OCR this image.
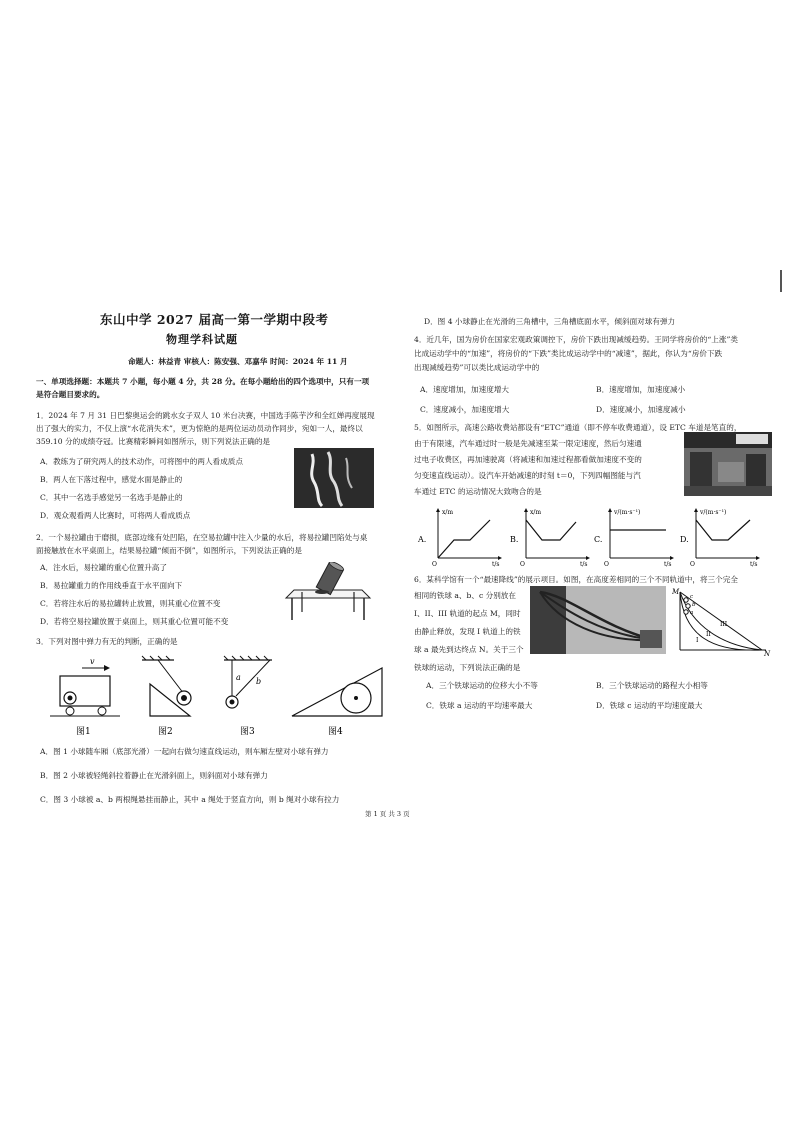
东山中学 2027 届高一第一学期中段考
物理学科试题
命题人：林益青 审核人：陈安强、邓嘉华 时间：2024 年 11 月
一、单项选择题：本题共 7 小题，每小题 4 分，共 28 分。在每小题给出的四个选项中，只有一项
是符合题目要求的。
1．2024 年 7 月 31 日巴黎奥运会的跳水女子双人 10 米台决赛，中国选手陈芋汐和全红婵再度展现
出了强大的实力，不仅上演“水花消失术”，更为惊艳的是两位运动员动作同步，宛如一人，最终以
359.10 分的成绩夺冠。比赛精彩瞬间如图所示，则下列说法正确的是
A．教练为了研究两人的技术动作，可将图中的两人看成质点
B．两人在下落过程中，感觉水面是静止的
C．其中一名选手感觉另一名选手是静止的
D．观众观看两人比赛时，可将两人看成质点
2．一个易拉罐由于磨损，底部边缘有处凹陷，在空易拉罐中注入少量的水后，将易拉罐凹陷处与桌
面接触放在水平桌面上，结果易拉罐“倾而不倒”，如图所示，下列说法正确的是
A．注水后，易拉罐的重心位置升高了
B．易拉罐重力的作用线垂直于水平面向下
C．若将注水后的易拉罐转止放置，则其重心位置不变
D．若将空易拉罐放置于桌面上，则其重心位置可能不变
3．下列对图中弹力有无的判断，正确的是
v
a b
图1	图2	图3	图4
A．图 1 小球随车厢（底部光滑）一起向右做匀速直线运动，则车厢左壁对小球有弹力
B．图 2 小球被轻绳斜拉着静止在光滑斜面上，则斜面对小球有弹力
C．图 3 小球被 a、b 两根绳悬挂而静止，其中 a 绳处于竖直方向，则 b 绳对小球有拉力
D．图 4 小球静止在光滑的三角槽中，三角槽底面水平，倾斜面对球有弹力
4．近几年，国为房价在国家宏观政策调控下，房价下跌出现减缓趋势。王同学将房价的“上涨”类
比成运动学中的“加速”，将房价的“下跌”类比成运动学中的“减速”，据此，你认为“房价下跌
出现减缓趋势”可以类比成运动学中的
A．速度增加，加速度增大	B．速度增加，加速度减小
C．速度减小，加速度增大	D．速度减小，加速度减小
5．如图所示，高速公路收费站都设有“ETC”通道（即不停车收费通道），设 ETC 车道是笔直的，
由于有限速，汽车通过时一般是先减速至某一限定速度，然后匀速通
过电子收费区，再加速驶离（将减速和加速过程都看做加速度不变的
匀变速直线运动）。设汽车开始减速的时刻 t＝0，下列四幅图能与汽
车通过 ETC 的运动情况大致吻合的是
A.
x/m
t/s
O
B.
x/m
t/s
O
C.
v/(m·s⁻¹)
t/s
O
D.
v/(m·s⁻¹)
t/s
O
6．某科学馆有一个“最速降线”的展示项目。如图，在高度差相同的三个不同轨道中，将三个完全
相同的铁球 a、b、c 分别放在
I、II、III 轨道的起点 M，同时
由静止释放，发现 I 轨道上的铁
球 a 最先到达终点 N。关于三个
铁球的运动，下列说法正确的是
M
N
III
II
I
c
b
a
A．三个铁球运动的位移大小不等	B．三个铁球运动的路程大小相等
C．铁球 a 运动的平均速率最大	D．铁球 c 运动的平均速度最大
第 1 页 共 3 页
